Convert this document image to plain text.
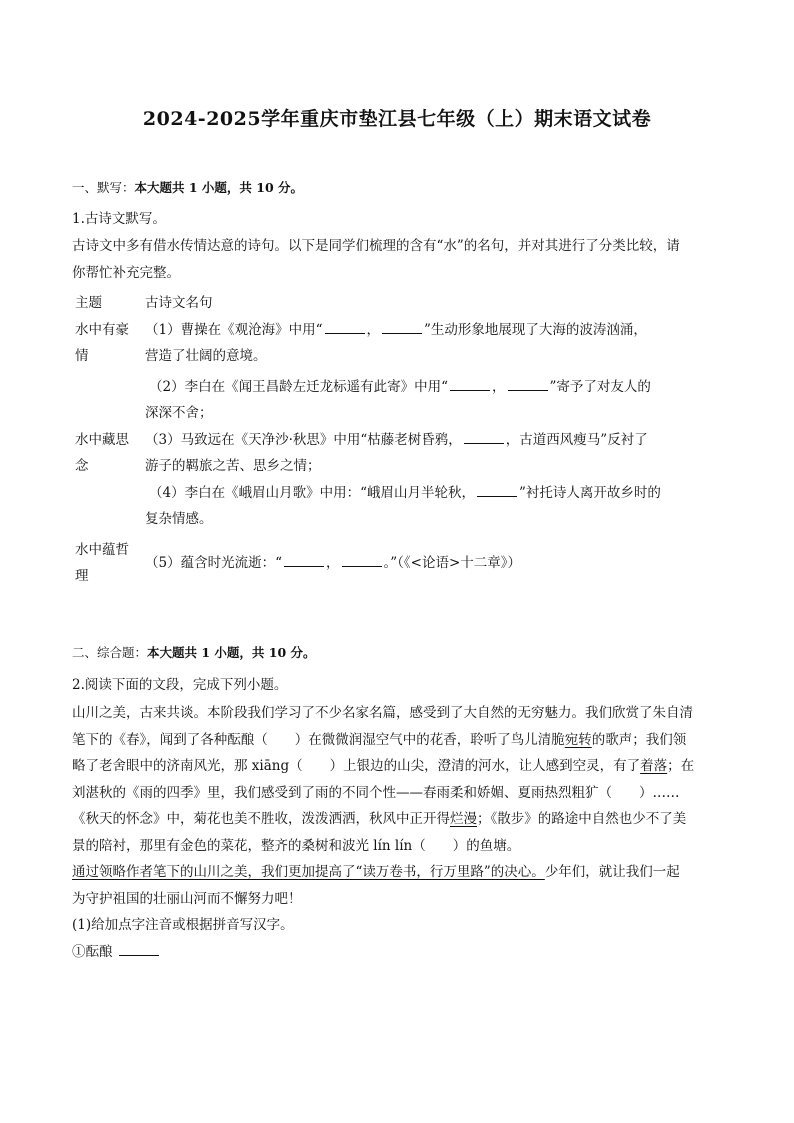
2024-2025学年重庆市垫江县七年级（上）期末语文试卷
一、默写：本大题共 1 小题，共 10 分。
1.古诗文默写。
古诗文中多有借水传情达意的诗句。以下是同学们梳理的含有“水”的名句，并对其进行了分类比较，请
你帮忙补充完整。
主题	古诗文名句
水中有豪情	（1）曹操在《观沧海》中用“ ， ”生动形象地展现了大海的波涛汹涌，
营造了壮阔的意境。

	（2）李白在《闻王昌龄左迁龙标遥有此寄》中用“ ， ”寄予了对友人的
深深不舍；

水中藏思念	（3）马致远在《天净沙·秋思》中用“枯藤老树昏鸦， ，古道西风瘦马”反衬了
游子的羁旅之苦、思乡之情；

	（4）李白在《峨眉山月歌》中用：“峨眉山月半轮秋， ”衬托诗人离开故乡时的
复杂情感。

水中蕴哲理	（5）蕴含时光流逝：“ ， 。”（《<论语>十二章》）
二、综合题：本大题共 1 小题，共 10 分。
2.阅读下面的文段，完成下列小题。
山川之美，古来共谈。本阶段我们学习了不少名家名篇，感受到了大自然的无穷魅力。我们欣赏了朱自清
笔下的《春》，闻到了各种酝酿（　　）在微微润湿空气中的花香，聆听了鸟儿清脆宛转的歌声；我们领
略了老舍眼中的济南风光，那 xiāng（　　）上银边的山尖，澄清的河水，让人感到空灵，有了着落；在
刘湛秋的《雨的四季》里，我们感受到了雨的不同个性——春雨柔和娇媚、夏雨热烈粗犷（　　）……
《秋天的怀念》中，菊花也美不胜收，泼泼洒洒，秋风中正开得烂漫；《散步》的路途中自然也少不了美
景的陪衬，那里有金色的菜花，整齐的桑树和波光 lín lín（　　）的鱼塘。
通过领略作者笔下的山川之美，我们更加提高了“读万卷书，行万里路”的决心。少年们，就让我们一起
为守护祖国的壮丽山河而不懈努力吧！
(1)给加点字注音或根据拼音写汉字。
①酝酿
